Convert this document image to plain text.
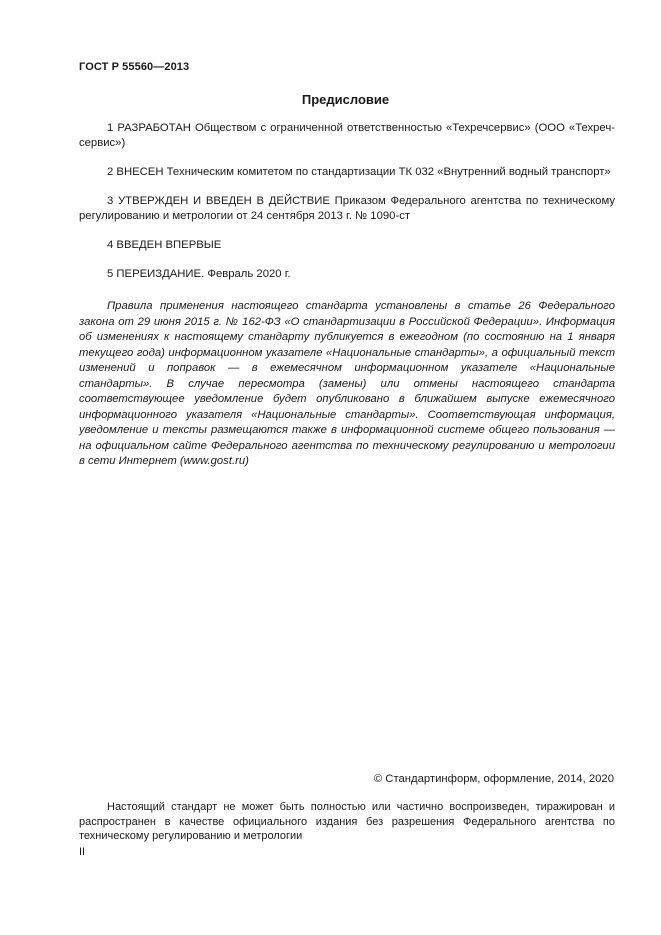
ГОСТ Р 55560—2013
Предисловие

1 РАЗРАБОТАН Обществом с ограниченной ответственностью «Техречсервис» (ООО «Техреч-сервис»)

2 ВНЕСЕН Техническим комитетом по стандартизации ТК 032 «Внутренний водный транспорт»

3 УТВЕРЖДЕН И ВВЕДЕН В ДЕЙСТВИЕ Приказом Федерального агентства по техническому регулированию и метрологии от 24 сентября 2013 г. № 1090-ст

4 ВВЕДЕН ВПЕРВЫЕ

5 ПЕРЕИЗДАНИЕ. Февраль 2020 г.

Правила применения настоящего стандарта установлены в статье 26 Федерального закона от 29 июня 2015 г. № 162-ФЗ «О стандартизации в Российской Федерации». Информация об изменениях к настоящему стандарту публикуется в ежегодном (по состоянию на 1 января текущего года) информационном указателе «Национальные стандарты», а официальный текст изменений и поправок — в ежемесячном информационном указателе «Национальные стандарты». В случае пересмотра (замены) или отмены настоящего стандарта соответствующее уведомление будет опубликовано в ближайшем выпуске ежемесячного информационного указателя «Национальные стандарты». Соответствующая информация, уведомление и тексты размещаются также в информационной системе общего пользования — на официальном сайте Федерального агентства по техническому регулированию и метрологии в сети Интернет (www.gost.ru)

© Стандартинформ, оформление, 2014, 2020

Настоящий стандарт не может быть полностью или частично воспроизведен, тиражирован и распространен в качестве официального издания без разрешения Федерального агентства по техническому регулированию и метрологии

II
